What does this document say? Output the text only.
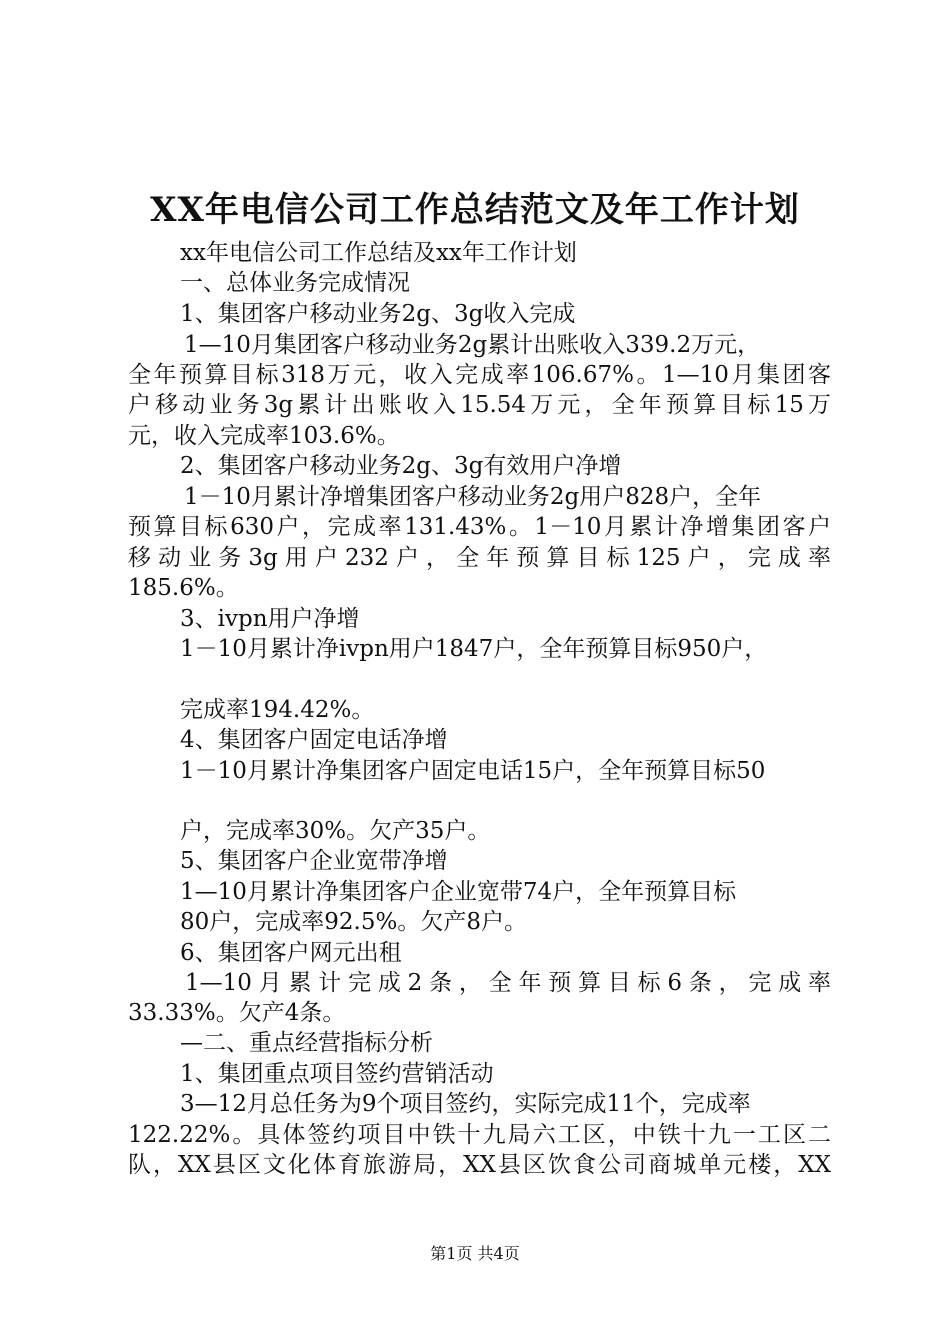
XX年电信公司工作总结范文及年工作计划
xx年电信公司工作总结及xx年工作计划
一、总体业务完成情况
1、集团客户移动业务2g、3g收入完成
1—10月集团客户移动业务2g累计出账收入339.2万元，
全年预算目标318万元，收入完成率106.67%。1—10月集团客
户移动业务3g累计出账收入15.54万元，全年预算目标15万
元，收入完成率103.6%。
2、集团客户移动业务2g、3g有效用户净增
1－10月累计净增集团客户移动业务2g用户828户，全年
预算目标630户，完成率131.43%。1－10月累计净增集团客户
移动业务3g用户232户，全年预算目标125户，完成率
185.6%。
3、ivpn用户净增
1－10月累计净ivpn用户1847户，全年预算目标950户，
完成率194.42%。
4、集团客户固定电话净增
1－10月累计净集团客户固定电话15户，全年预算目标50
户，完成率30%。欠产35户。
5、集团客户企业宽带净增
1—10月累计净集团客户企业宽带74户，全年预算目标
80户，完成率92.5%。欠产8户。
6、集团客户网元出租
1—10月累计完成2条，全年预算目标6条，完成率
33.33%。欠产4条。
—二、重点经营指标分析
1、集团重点项目签约营销活动
3—12月总任务为9个项目签约，实际完成11个，完成率
122.22%。具体签约项目中铁十九局六工区，中铁十九一工区二
队，XX县区文化体育旅游局，XX县区饮食公司商城单元楼，XX
第1页 共4页
